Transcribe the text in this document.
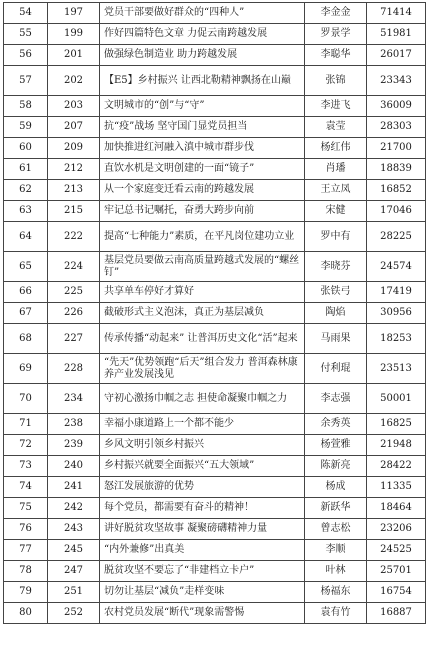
54	197	党员干部要做好群众的“四种人”	李金金	71414
55	199	作好四篇特色文章 力促云南跨越发展	罗景学	51981
56	201	做强绿色制造业 助力跨越发展	李聪华	26017
57	202	【E5】乡村振兴 让西北勒精神飘扬在山巅	张锦	23343
58	203	文明城市的“创”与“守”	李进飞	36009
59	207	抗“疫”战场 坚守国门显党员担当	袁莹	28303
60	209	加快推进红河融入滇中城市群步伐	杨红伟	21700
61	212	直饮水机是文明创建的一面“镜子”	肖璠	18839
62	213	从一个家庭变迁看云南的跨越发展	王立凤	16852
63	215	牢记总书记嘱托，奋勇大跨步向前	宋健	17046
64	222	提高“七种能力”素质，在平凡岗位建功立业	罗中有	28225
65	224	基层党员要做云南高质量跨越式发展的“螺丝钉”	李晓芬	24574
66	225	共享单车停好才算好	张铁弓	17419
67	226	截破形式主义泡沫，真正为基层减负	陶焰	30956
68	227	传承传播“动起来” 让普洱历史文化“活”起来	马雨果	18253
69	228	“先天”优势领跑“后天”组合发力 普洱森林康养产业发展浅见	付利琨	23513
70	234	守初心激扬巾帼之志 担使命凝聚巾帼之力	李志强	50001
71	238	幸福小康道路上一个都不能少	余秀英	16825
72	239	乡风文明引领乡村振兴	杨萱雅	21948
73	240	乡村振兴就要全面振兴“五大领域”	陈新亮	28422
74	241	怒江发展旅游的优势	杨成	11335
75	242	每个党员，都需要有奋斗的精神！	新跃华	18464
76	243	讲好脱贫攻坚故事 凝聚磅礴精神力量	曾志松	23206
77	245	“内外兼修”出真美	李顺	24525
78	247	脱贫攻坚不要忘了“非建档立卡户”	叶林	25701
79	251	切勿让基层“减负”走样变味	杨福东	16754
80	252	农村党员发展“断代”现象需警惕	袁有竹	16887
